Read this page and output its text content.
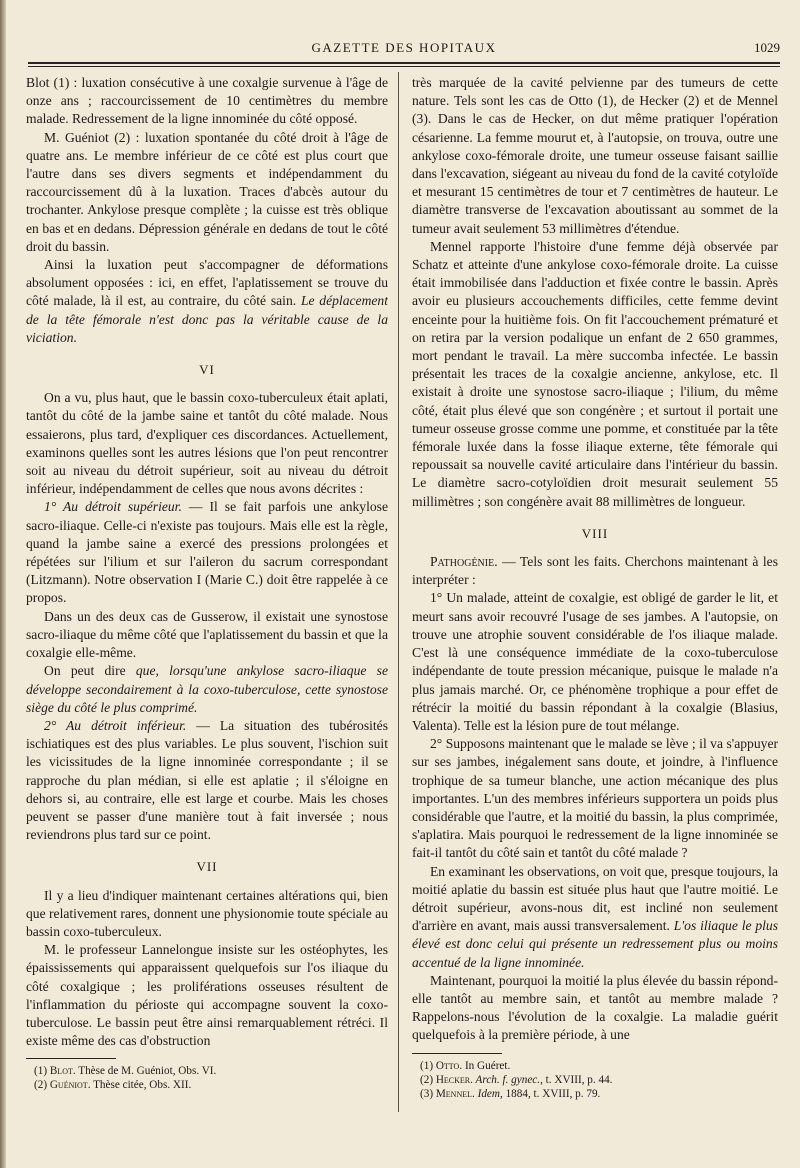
GAZETTE DES HOPITAUX	1029

Blot (1) : luxation consécutive à une coxalgie survenue à l'âge de onze ans ; raccourcissement de 10 centimètres du membre malade. Redressement de la ligne innominée du côté opposé.

M. Guéniot (2) : luxation spontanée du côté droit à l'âge de quatre ans. Le membre inférieur de ce côté est plus court que l'autre dans ses divers segments et indépendamment du raccourcissement dû à la luxation. Traces d'abcès autour du trochanter. Ankylose presque complète ; la cuisse est très oblique en bas et en dedans. Dépression générale en dedans de tout le côté droit du bassin.

Ainsi la luxation peut s'accompagner de déformations absolument opposées : ici, en effet, l'aplatissement se trouve du côté malade, là il est, au contraire, du côté sain. Le déplacement de la tête fémorale n'est donc pas la véritable cause de la viciation.

VI

On a vu, plus haut, que le bassin coxo-tuberculeux était aplati, tantôt du côté de la jambe saine et tantôt du côté malade. Nous essaierons, plus tard, d'expliquer ces discordances. Actuellement, examinons quelles sont les autres lésions que l'on peut rencontrer soit au niveau du détroit supérieur, soit au niveau du détroit inférieur, indépendamment de celles que nous avons décrites :

1° Au détroit supérieur. — Il se fait parfois une ankylose sacro-iliaque. Celle-ci n'existe pas toujours. Mais elle est la règle, quand la jambe saine a exercé des pressions prolongées et répétées sur l'ilium et sur l'aileron du sacrum correspondant (Litzmann). Notre observation I (Marie C.) doit être rappelée à ce propos.

Dans un des deux cas de Gusserow, il existait une synostose sacro-iliaque du même côté que l'aplatissement du bassin et que la coxalgie elle-même.

On peut dire que, lorsqu'une ankylose sacro-iliaque se développe secondairement à la coxo-tuberculose, cette synostose siège du côté le plus comprimé.

2° Au détroit inférieur. — La situation des tubérosités ischiatiques est des plus variables. Le plus souvent, l'ischion suit les vicissitudes de la ligne innominée correspondante ; il se rapproche du plan médian, si elle est aplatie ; il s'éloigne en dehors si, au contraire, elle est large et courbe. Mais les choses peuvent se passer d'une manière tout à fait inversée ; nous reviendrons plus tard sur ce point.

VII

Il y a lieu d'indiquer maintenant certaines altérations qui, bien que relativement rares, donnent une physionomie toute spéciale au bassin coxo-tuberculeux.

M. le professeur Lannelongue insiste sur les ostéophytes, les épaississements qui apparaissent quelquefois sur l'os iliaque du côté coxalgique ; les proliférations osseuses résultent de l'inflammation du périoste qui accompagne souvent la coxo-tuberculose. Le bassin peut être ainsi remarquablement rétréci. Il existe même des cas d'obstruction

(1) Blot. Thèse de M. Guéniot, Obs. VI.

(2) Guéniot. Thèse citée, Obs. XII.

très marquée de la cavité pelvienne par des tumeurs de cette nature. Tels sont les cas de Otto (1), de Hecker (2) et de Mennel (3). Dans le cas de Hecker, on dut même pratiquer l'opération césarienne. La femme mourut et, à l'autopsie, on trouva, outre une ankylose coxo-fémorale droite, une tumeur osseuse faisant saillie dans l'excavation, siégeant au niveau du fond de la cavité cotyloïde et mesurant 15 centimètres de tour et 7 centimètres de hauteur. Le diamètre transverse de l'excavation aboutissant au sommet de la tumeur avait seulement 53 millimètres d'étendue.

Mennel rapporte l'histoire d'une femme déjà observée par Schatz et atteinte d'une ankylose coxo-fémorale droite. La cuisse était immobilisée dans l'adduction et fixée contre le bassin. Après avoir eu plusieurs accouchements difficiles, cette femme devint enceinte pour la huitième fois. On fit l'accouchement prématuré et on retira par la version podalique un enfant de 2 650 grammes, mort pendant le travail. La mère succomba infectée. Le bassin présentait les traces de la coxalgie ancienne, ankylose, etc. Il existait à droite une synostose sacro-iliaque ; l'ilium, du même côté, était plus élevé que son congénère ; et surtout il portait une tumeur osseuse grosse comme une pomme, et constituée par la tête fémorale luxée dans la fosse iliaque externe, tête fémorale qui repoussait sa nouvelle cavité articulaire dans l'intérieur du bassin. Le diamètre sacro-cotyloïdien droit mesurait seulement 55 millimètres ; son congénère avait 88 millimètres de longueur.

VIII

Pathogénie. — Tels sont les faits. Cherchons maintenant à les interpréter :

1° Un malade, atteint de coxalgie, est obligé de garder le lit, et meurt sans avoir recouvré l'usage de ses jambes. A l'autopsie, on trouve une atrophie souvent considérable de l'os iliaque malade. C'est là une conséquence immédiate de la coxo-tuberculose indépendante de toute pression mécanique, puisque le malade n'a plus jamais marché. Or, ce phénomène trophique a pour effet de rétrécir la moitié du bassin répondant à la coxalgie (Blasius, Valenta). Telle est la lésion pure de tout mélange.

2° Supposons maintenant que le malade se lève ; il va s'appuyer sur ses jambes, inégalement sans doute, et joindre, à l'influence trophique de sa tumeur blanche, une action mécanique des plus importantes. L'un des membres inférieurs supportera un poids plus considérable que l'autre, et la moitié du bassin, la plus comprimée, s'aplatira. Mais pourquoi le redressement de la ligne innominée se fait-il tantôt du côté sain et tantôt du côté malade ?

En examinant les observations, on voit que, presque toujours, la moitié aplatie du bassin est située plus haut que l'autre moitié. Le détroit supérieur, avons-nous dit, est incliné non seulement d'arrière en avant, mais aussi transversalement. L'os iliaque le plus élevé est donc celui qui présente un redressement plus ou moins accentué de la ligne innominée.

Maintenant, pourquoi la moitié la plus élevée du bassin répond-elle tantôt au membre sain, et tantôt au membre malade ? Rappelons-nous l'évolution de la coxalgie. La maladie guérit quelquefois à la première période, à une

(1) Otto. In Guéret.

(2) Hecker. Arch. f. gynec., t. XVIII, p. 44.

(3) Mennel. Idem, 1884, t. XVIII, p. 79.
